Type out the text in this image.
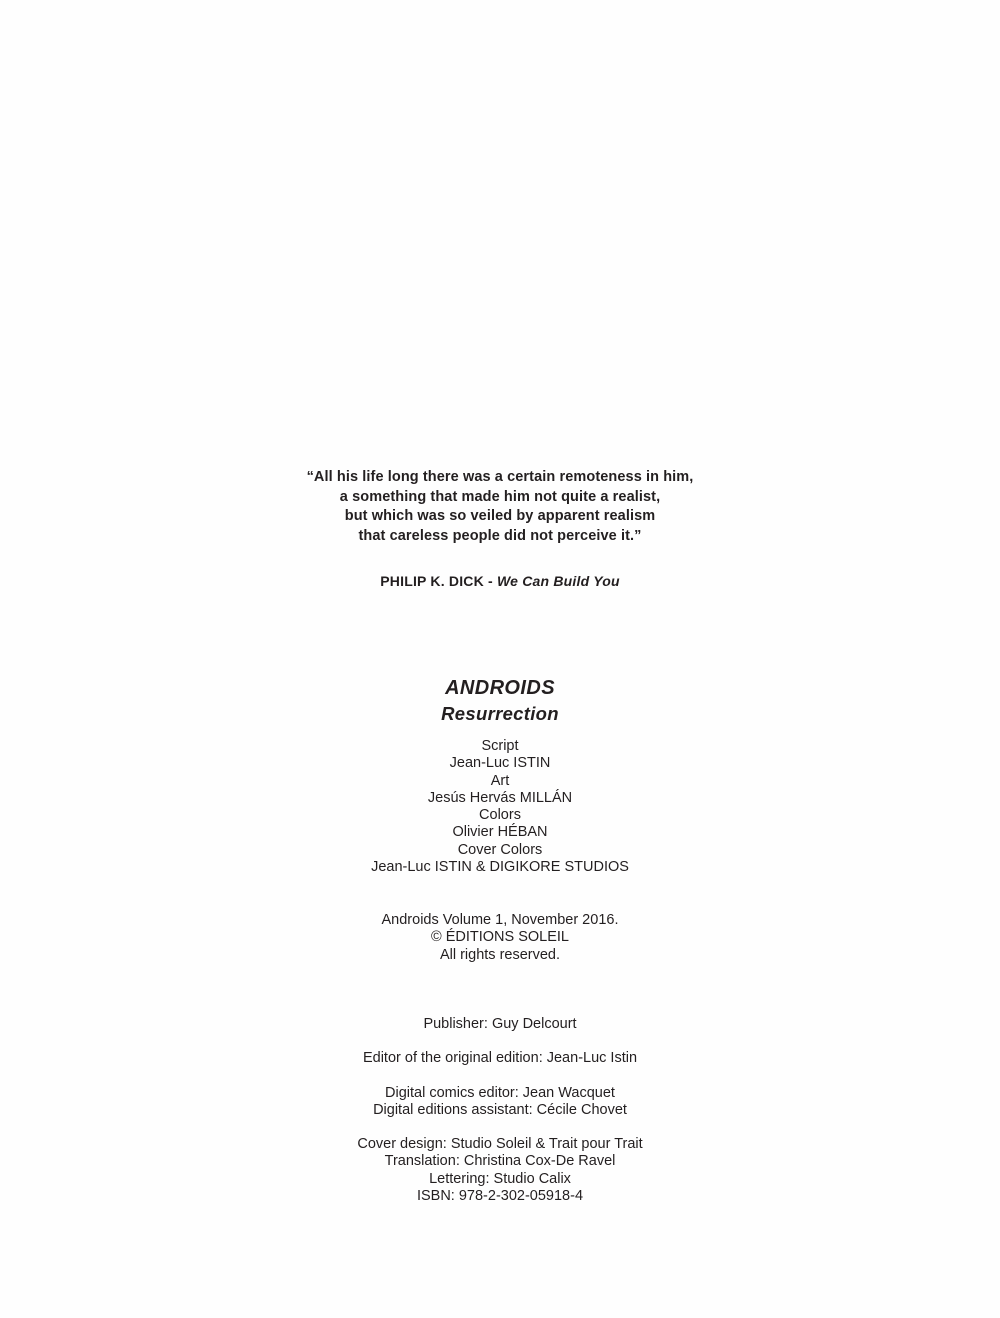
“All his life long there was a certain remoteness in him,
a something that made him not quite a realist,
but which was so veiled by apparent realism
that careless people did not perceive it.”
PHILIP K. DICK - We Can Build You
ANDROIDS
Resurrection
Script
Jean-Luc ISTIN
Art
Jesús Hervás MILLÁN
Colors
Olivier HÉBAN
Cover Colors
Jean-Luc ISTIN & DIGIKORE STUDIOS
Androids Volume 1, November 2016.
© ÉDITIONS SOLEIL
All rights reserved.
Publisher: Guy Delcourt
Editor of the original edition: Jean-Luc Istin
Digital comics editor: Jean Wacquet
Digital editions assistant: Cécile Chovet
Cover design: Studio Soleil & Trait pour Trait
Translation: Christina Cox-De Ravel
Lettering: Studio Calix
ISBN: 978-2-302-05918-4
